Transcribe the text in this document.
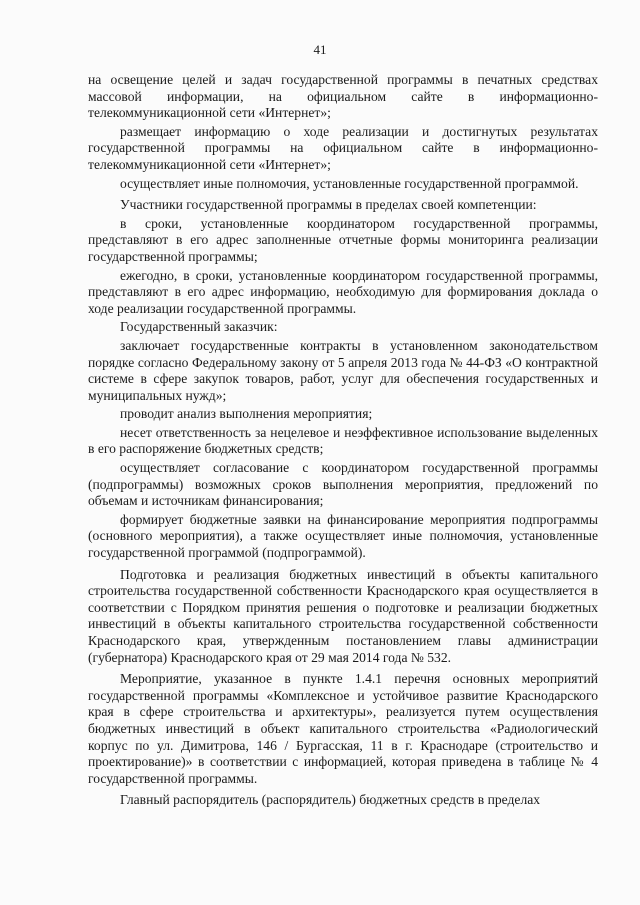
41

на освещение целей и задач государственной программы в печатных средствах массовой информации, на официальном сайте в информационно-телекоммуникационной сети «Интернет»;

размещает информацию о ходе реализации и достигнутых результатах государственной программы на официальном сайте в информационно-телекоммуникационной сети «Интернет»;

осуществляет иные полномочия, установленные государственной программой.

Участники государственной программы в пределах своей компетенции:

в сроки, установленные координатором государственной программы, представляют в его адрес заполненные отчетные формы мониторинга реализации государственной программы;

ежегодно, в сроки, установленные координатором государственной программы, представляют в его адрес информацию, необходимую для формирования доклада о ходе реализации государственной программы.

Государственный заказчик:

заключает государственные контракты в установленном законодательством порядке согласно Федеральному закону от 5 апреля 2013 года № 44-ФЗ «О контрактной системе в сфере закупок товаров, работ, услуг для обеспечения государственных и муниципальных нужд»;

проводит анализ выполнения мероприятия;

несет ответственность за нецелевое и неэффективное использование выделенных в его распоряжение бюджетных средств;

осуществляет согласование с координатором государственной программы (подпрограммы) возможных сроков выполнения мероприятия, предложений по объемам и источникам финансирования;

формирует бюджетные заявки на финансирование мероприятия подпрограммы (основного мероприятия), а также осуществляет иные полномочия, установленные государственной программой (подпрограммой).

Подготовка и реализация бюджетных инвестиций в объекты капитального строительства государственной собственности Краснодарского края осуществляется в соответствии с Порядком принятия решения о подготовке и реализации бюджетных инвестиций в объекты капитального строительства государственной собственности Краснодарского края, утвержденным постановлением главы администрации (губернатора) Краснодарского края от 29 мая 2014 года № 532.

Мероприятие, указанное в пункте 1.4.1 перечня основных мероприятий государственной программы «Комплексное и устойчивое развитие Краснодарского края в сфере строительства и архитектуры», реализуется путем осуществления бюджетных инвестиций в объект капитального строительства «Радиологический корпус по ул. Димитрова, 146 / Бургасская, 11 в г. Краснодаре (строительство и проектирование)» в соответствии с информацией, которая приведена в таблице № 4 государственной программы.

Главный распорядитель (распорядитель) бюджетных средств в пределах
